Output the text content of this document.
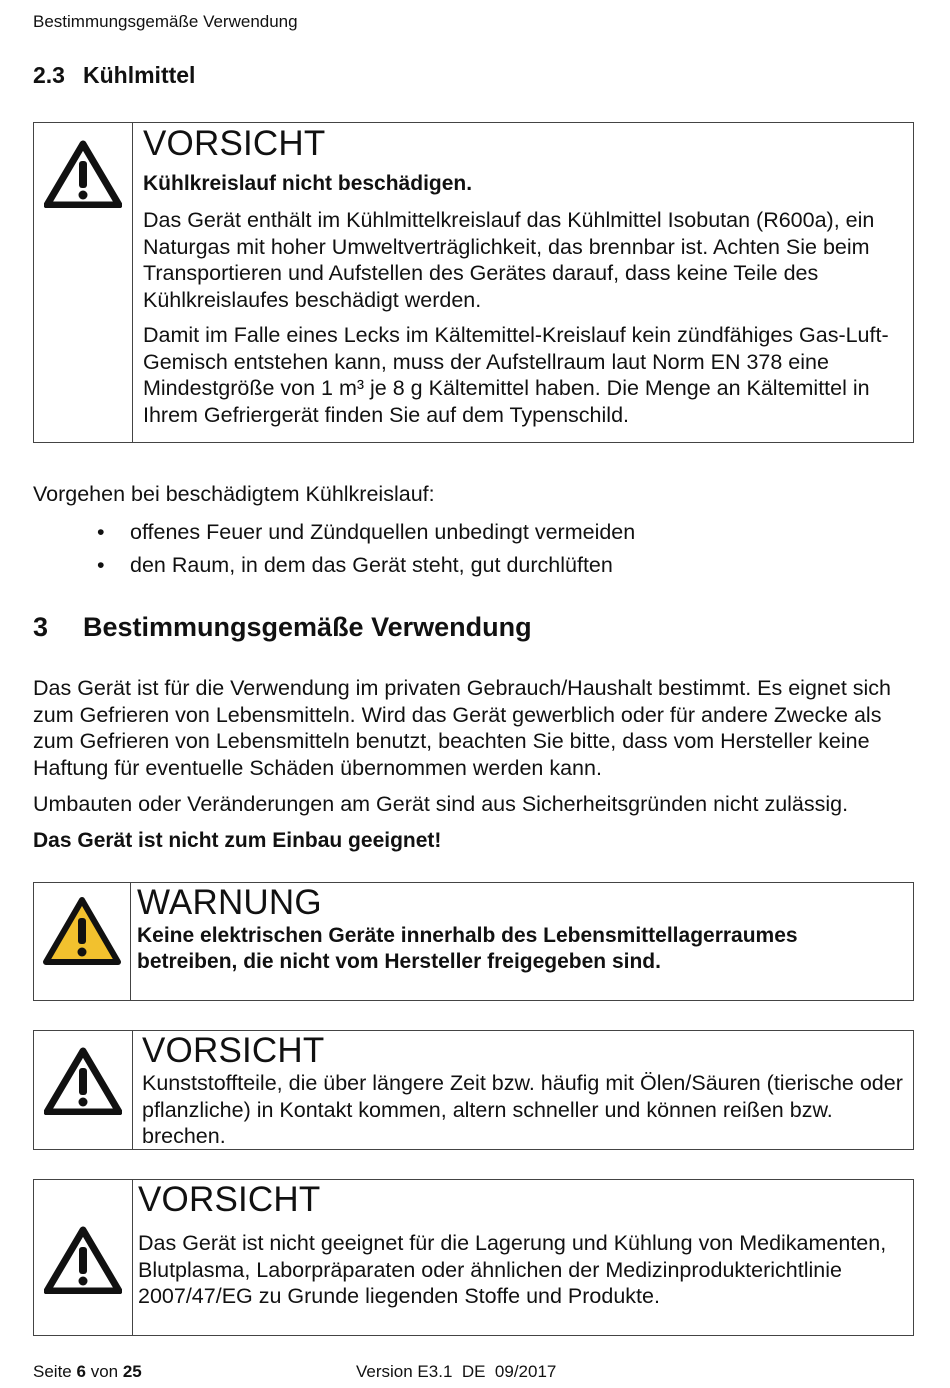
Bestimmungsgemäße Verwendung
2.3 Kühlmittel
VORSICHT
Kühlkreislauf nicht beschädigen.
Das Gerät enthält im Kühlmittelkreislauf das Kühlmittel Isobutan (R600a), ein Naturgas mit hoher Umweltverträglichkeit, das brennbar ist. Achten Sie beim Transportieren und Aufstellen des Gerätes darauf, dass keine Teile des Kühlkreislaufes beschädigt werden.
Damit im Falle eines Lecks im Kältemittel-Kreislauf kein zündfähiges Gas-Luft-Gemisch entstehen kann, muss der Aufstellraum laut Norm EN 378 eine Mindestgröße von 1 m³ je 8 g Kältemittel haben. Die Menge an Kältemittel in Ihrem Gefriergerät finden Sie auf dem Typenschild.
Vorgehen bei beschädigtem Kühlkreislauf:
• offenes Feuer und Zündquellen unbedingt vermeiden
• den Raum, in dem das Gerät steht, gut durchlüften
3 Bestimmungsgemäße Verwendung
Das Gerät ist für die Verwendung im privaten Gebrauch/Haushalt bestimmt. Es eignet sich zum Gefrieren von Lebensmitteln. Wird das Gerät gewerblich oder für andere Zwecke als zum Gefrieren von Lebensmitteln benutzt, beachten Sie bitte, dass vom Hersteller keine Haftung für eventuelle Schäden übernommen werden kann.
Umbauten oder Veränderungen am Gerät sind aus Sicherheitsgründen nicht zulässig.
Das Gerät ist nicht zum Einbau geeignet!
WARNUNG
Keine elektrischen Geräte innerhalb des Lebensmittellagerraumes betreiben, die nicht vom Hersteller freigegeben sind.
VORSICHT
Kunststoffteile, die über längere Zeit bzw. häufig mit Ölen/Säuren (tierische oder pflanzliche) in Kontakt kommen, altern schneller und können reißen bzw. brechen.
VORSICHT
Das Gerät ist nicht geeignet für die Lagerung und Kühlung von Medikamenten, Blutplasma, Laborpräparaten oder ähnlichen der Medizinprodukterichtlinie 2007/47/EG zu Grunde liegenden Stoffe und Produkte.
Seite 6 von 25	Version E3.1  DE  09/2017
